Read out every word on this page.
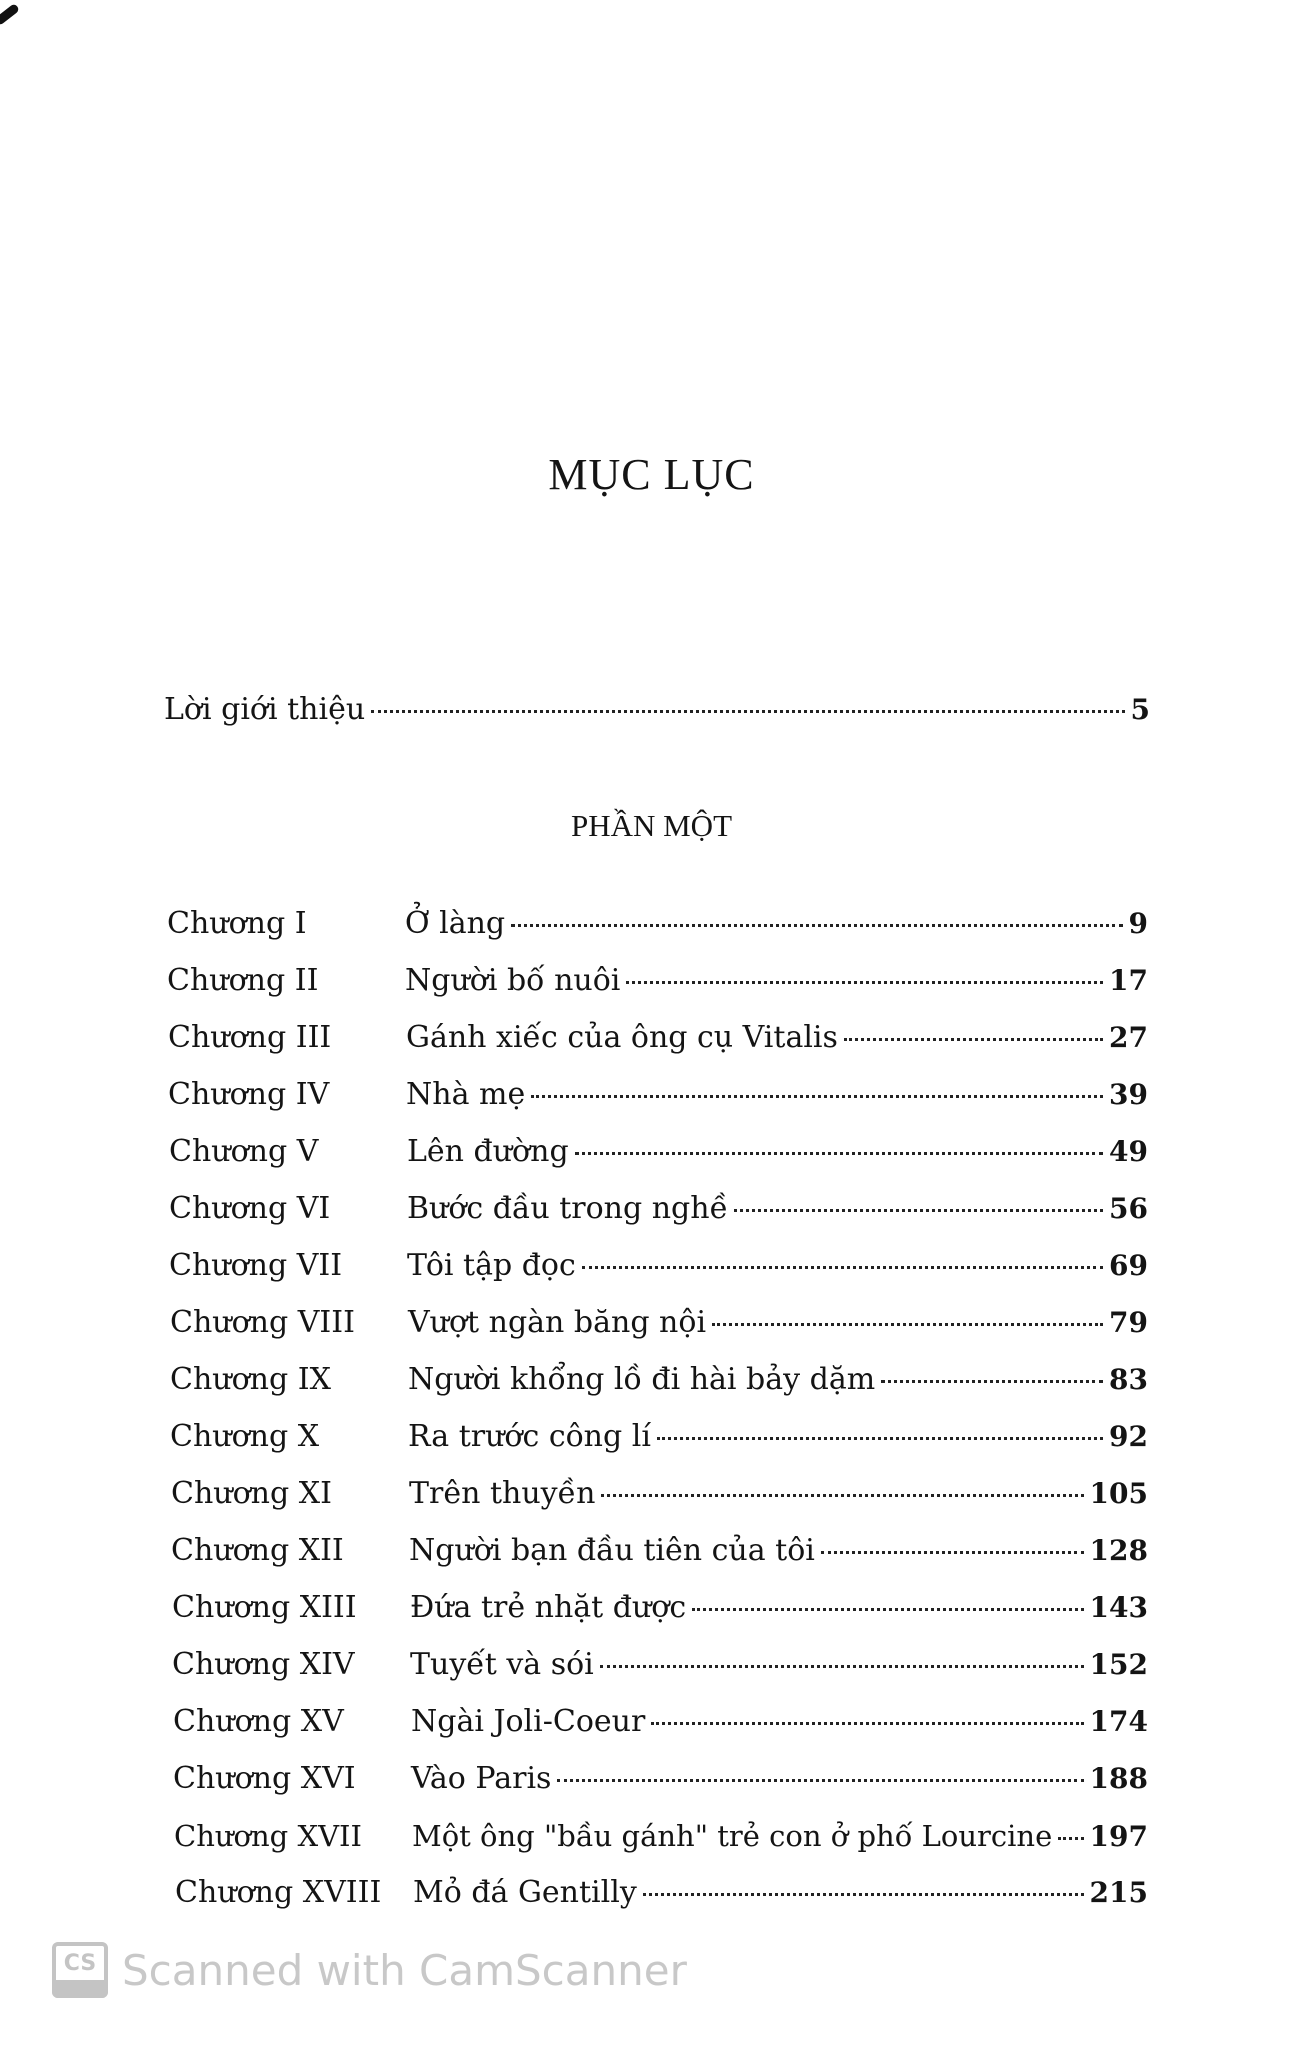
MỤC LỤC
Lời giới thiệu	5
PHẦN MỘT
Chương I	Ở làng	9
Chương II	Người bố nuôi	17
Chương III	Gánh xiếc của ông cụ Vitalis	27
Chương IV	Nhà mẹ	39
Chương V	Lên đường	49
Chương VI	Bước đầu trong nghề	56
Chương VII	Tôi tập đọc	69
Chương VIII	Vượt ngàn băng nội	79
Chương IX	Người khổng lồ đi hài bảy dặm	83
Chương X	Ra trước công lí	92
Chương XI	Trên thuyền	105
Chương XII	Người bạn đầu tiên của tôi	128
Chương XIII	Đứa trẻ nhặt được	143
Chương XIV	Tuyết và sói	152
Chương XV	Ngài Joli-Coeur	174
Chương XVI	Vào Paris	188
Chương XVII	Một ông "bầu gánh" trẻ con ở phố Lourcine 197
Chương XVIII	Mỏ đá Gentilly	215
CS Scanned with CamScanner
